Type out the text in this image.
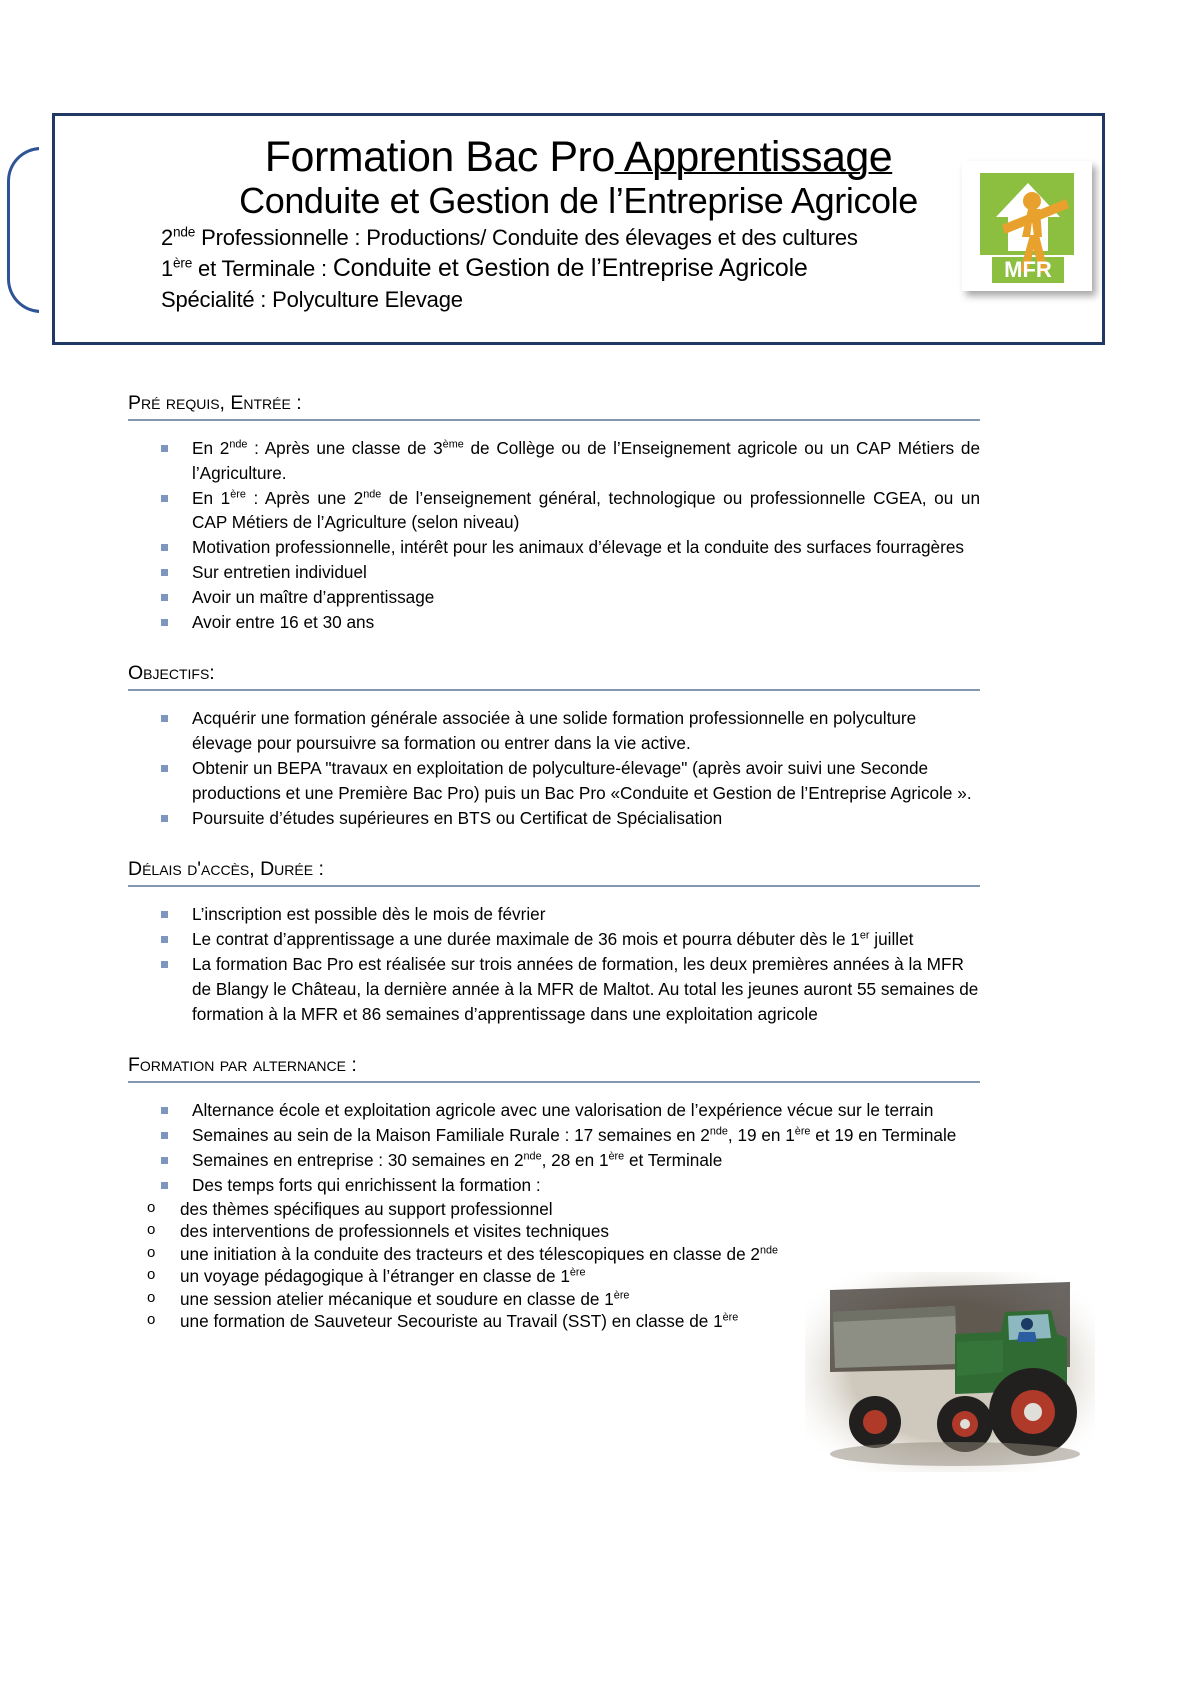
Formation Bac Pro Apprentissage
Conduite et Gestion de l’Entreprise Agricole
2nde Professionnelle : Productions/ Conduite des élevages et des cultures
1ère et Terminale : Conduite et Gestion de l’Entreprise Agricole
Spécialité : Polyculture Elevage
MFR
Pré requis, Entrée :
En 2nde : Après une classe de 3ème de Collège ou de l’Enseignement agricole ou un CAP Métiers de l’Agriculture.
En 1ère : Après une 2nde de l’enseignement général, technologique ou professionnelle CGEA, ou un CAP Métiers de l’Agriculture (selon niveau)
Motivation professionnelle, intérêt pour les animaux d’élevage et la conduite des surfaces fourragères
Sur entretien individuel
Avoir un maître d’apprentissage
Avoir entre 16 et 30 ans
Objectifs:
Acquérir une formation générale associée à une solide formation professionnelle en polyculture élevage pour poursuivre sa formation ou entrer dans la vie active.
Obtenir un BEPA "travaux en exploitation de polyculture-élevage" (après avoir suivi une Seconde productions et une Première Bac Pro) puis un Bac Pro «Conduite et Gestion de l’Entreprise Agricole ».
Poursuite d’études supérieures en BTS ou Certificat de Spécialisation
Délais d'accès, Durée :
L’inscription est possible dès le mois de février
Le contrat d’apprentissage a une durée maximale de 36 mois et pourra débuter dès le 1er juillet
La formation Bac Pro est réalisée sur trois années de formation, les deux premières années à la MFR de Blangy le Château, la dernière année à la MFR de Maltot. Au total les jeunes auront 55 semaines de formation à la MFR et 86 semaines d’apprentissage dans une exploitation agricole
Formation par alternance :
Alternance école et exploitation agricole avec une valorisation de l’expérience vécue sur le terrain
Semaines au sein de la Maison Familiale Rurale : 17 semaines en 2nde, 19 en 1ère et 19 en Terminale
Semaines en entreprise : 30 semaines en 2nde, 28 en 1ère et Terminale
Des temps forts qui enrichissent la formation :
o des thèmes spécifiques au support professionnel
o des interventions de professionnels et visites techniques
o une initiation à la conduite des tracteurs et des télescopiques en classe de 2nde
o un voyage pédagogique à l’étranger en classe de 1ère
o une session atelier mécanique et soudure en classe de 1ère
o une formation de Sauveteur Secouriste au Travail (SST) en classe de 1ère
